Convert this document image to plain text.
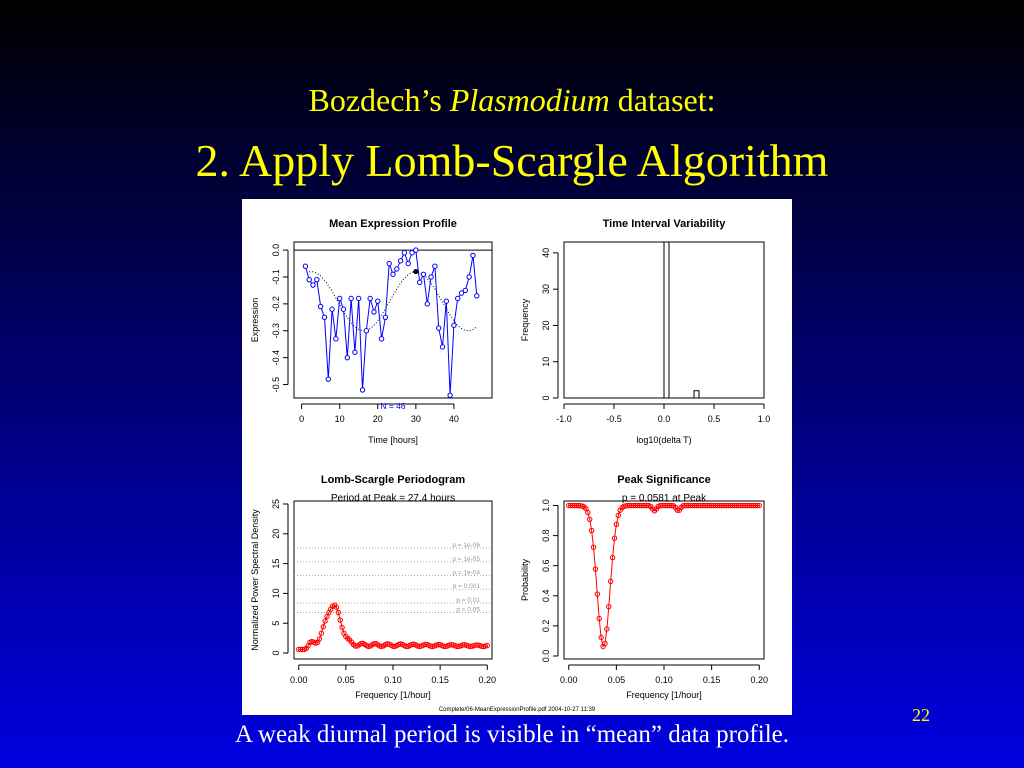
Bozdech’s Plasmodium dataset:
2. Apply Lomb-Scargle Algorithm
Mean Expression Profile
0	10	20	30	40
-0.5
-0.4
-0.3
-0.2
-0.1
0.0
Time [hours]
Expression
N = 46
Time Interval Variability
-1.0	-0.5	0.0	0.5	1.0
0
10
20
30
40
log10(delta T)
Frequency
Lomb-Scargle Periodogram
Period at Peak = 27.4 hours
0.00	0.05	0.10	0.15	0.20
0
5
10
15
20
25
Frequency [1/hour]
Normalized Power Spectral Density	p = 1e-06
p = 1e-05
p = 1e-04
p = 0.001
p = 0.01
p = 0.05
Peak Significance
p = 0.0581 at Peak
0.00	0.05	0.10	0.15	0.20
0.0
0.2
0.4
0.6
0.8
1.0
Frequency [1/hour]
Probability
Complete/06-MeanExpressionProfile.pdf 2004-10-27 11:39
A weak diurnal period is visible in “mean” data profile.
22
